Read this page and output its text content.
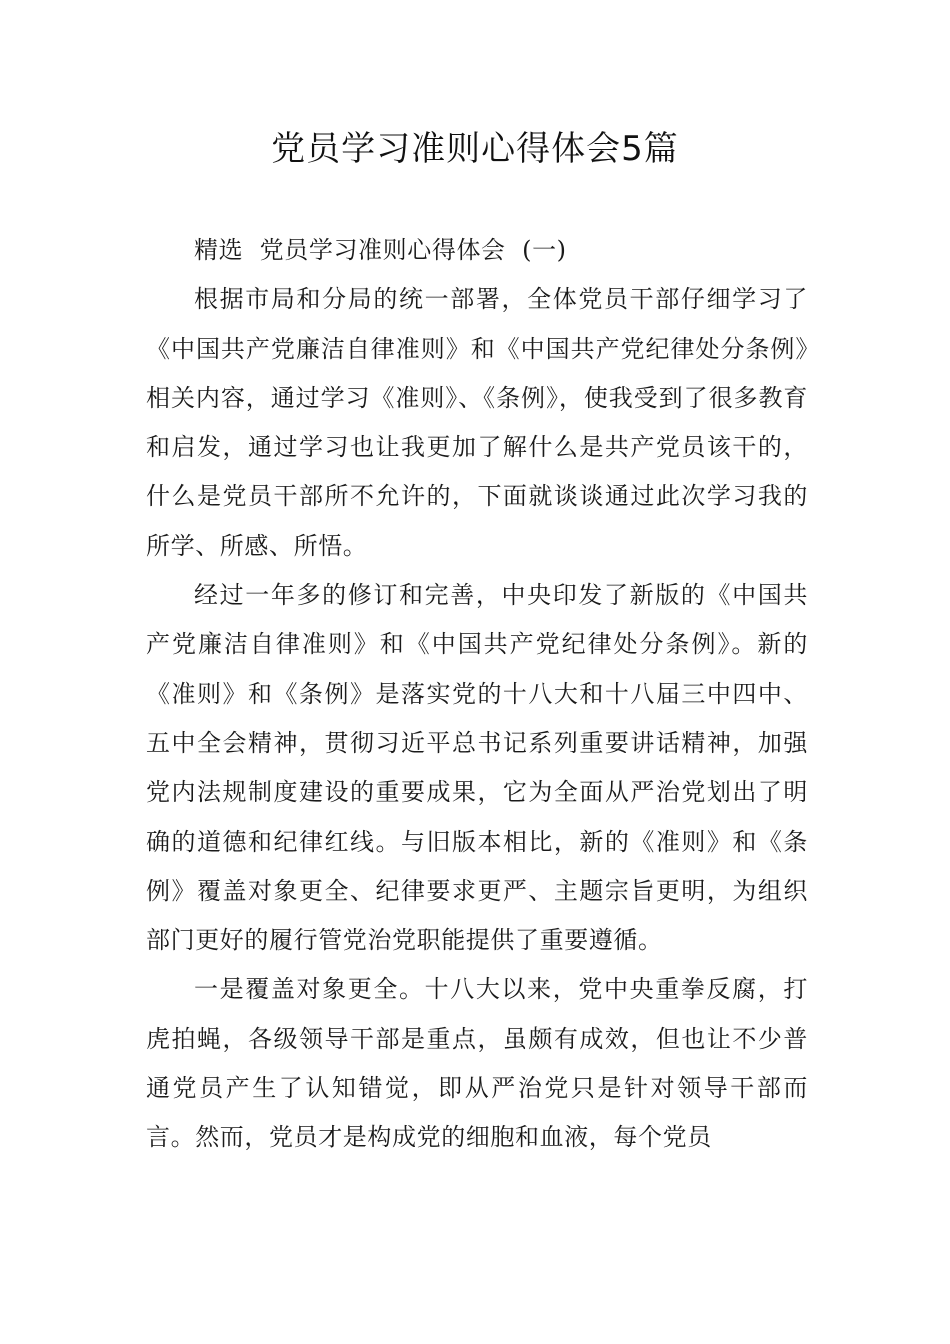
党员学习准则心得体会5篇

精选  党员学习准则心得体会  (一)

根据市局和分局的统一部署，全体党员干部仔细学习了《中国共产党廉洁自律准则》和《中国共产党纪律处分条例》相关内容，通过学习《准则》、《条例》，使我受到了很多教育和启发，通过学习也让我更加了解什么是共产党员该干的，什么是党员干部所不允许的，下面就谈谈通过此次学习我的所学、所感、所悟。

经过一年多的修订和完善，中央印发了新版的《中国共产党廉洁自律准则》和《中国共产党纪律处分条例》。新的《准则》和《条例》是落实党的十八大和十八届三中四中、五中全会精神，贯彻习近平总书记系列重要讲话精神，加强党内法规制度建设的重要成果，它为全面从严治党划出了明确的道德和纪律红线。与旧版本相比，新的《准则》和《条例》覆盖对象更全、纪律要求更严、主题宗旨更明，为组织部门更好的履行管党治党职能提供了重要遵循。

一是覆盖对象更全。十八大以来，党中央重拳反腐，打虎拍蝇，各级领导干部是重点，虽颇有成效，但也让不少普通党员产生了认知错觉，即从严治党只是针对领导干部而言。然而，党员才是构成党的细胞和血液，每个党员
